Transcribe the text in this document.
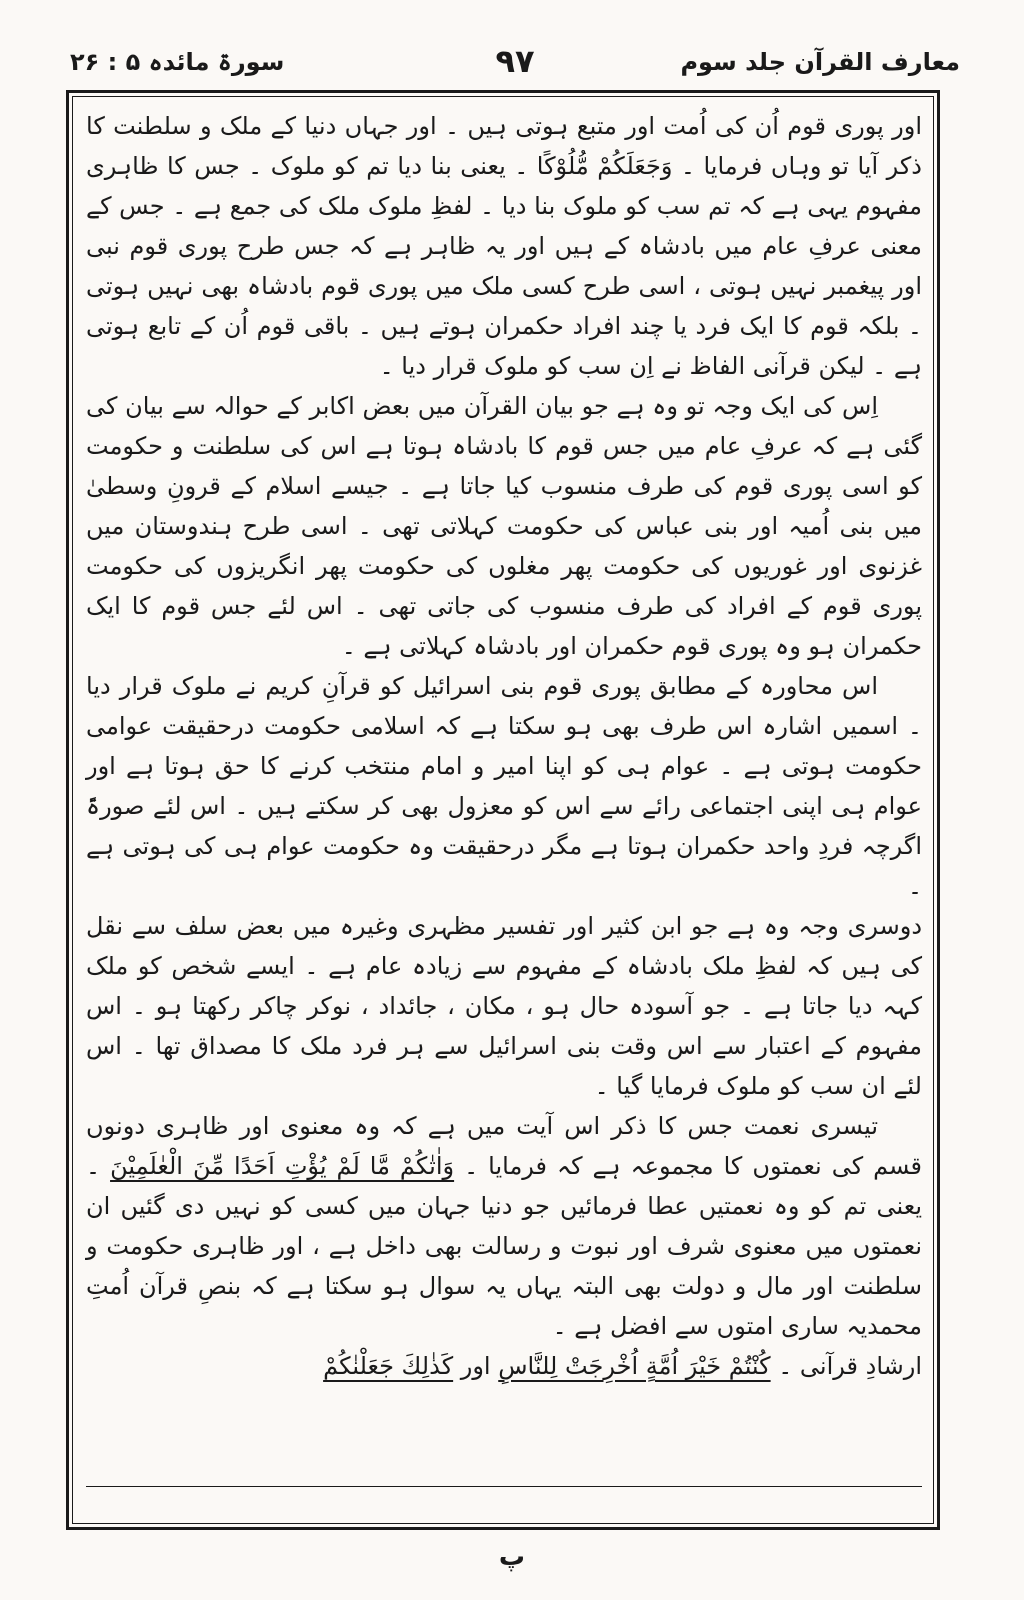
معارف القرآن جلد سوم
۹۷
سورۃ مائدہ ۵ : ۲۶

اور پوری قوم اُن کی اُمت اور متبع ہوتی ہیں ۔ اور جہاں دنیا کے ملک و سلطنت کا ذکر آیا تو وہاں فرمایا ۔ وَجَعَلَكُمْ مُّلُوْكًا ۔ یعنی بنا دیا تم کو ملوک ۔ جس کا ظاہری مفہوم یہی ہے کہ تم سب کو ملوک بنا دیا ۔ لفظِ ملوک ملک کی جمع ہے ۔ جس کے معنی عرفِ عام میں بادشاہ کے ہیں اور یہ ظاہر ہے کہ جس طرح پوری قوم نبی اور پیغمبر نہیں ہوتی ، اسی طرح کسی ملک میں پوری قوم بادشاہ بھی نہیں ہوتی ۔ بلکہ قوم کا ایک فرد یا چند افراد حکمران ہوتے ہیں ۔ باقی قوم اُن کے تابع ہوتی ہے ۔ لیکن قرآنی الفاظ نے اِن سب کو ملوک قرار دیا ۔

اِس کی ایک وجہ تو وہ ہے جو بیان القرآن میں بعض اکابر کے حوالہ سے بیان کی گئی ہے کہ عرفِ عام میں جس قوم کا بادشاہ ہوتا ہے اس کی سلطنت و حکومت کو اسی پوری قوم کی طرف منسوب کیا جاتا ہے ۔ جیسے اسلام کے قرونِ وسطیٰ میں بنی اُمیہ اور بنی عباس کی حکومت کہلاتی تھی ۔ اسی طرح ہندوستان میں غزنوی اور غوریوں کی حکومت پھر مغلوں کی حکومت پھر انگریزوں کی حکومت پوری قوم کے افراد کی طرف منسوب کی جاتی تھی ۔ اس لئے جس قوم کا ایک حکمران ہو وہ پوری قوم حکمران اور بادشاہ کہلاتی ہے ۔

اس محاورہ کے مطابق پوری قوم بنی اسرائیل کو قرآنِ کریم نے ملوک قرار دیا ۔ اسمیں اشارہ اس طرف بھی ہو سکتا ہے کہ اسلامی حکومت درحقیقت عوامی حکومت ہوتی ہے ۔ عوام ہی کو اپنا امیر و امام منتخب کرنے کا حق ہوتا ہے اور عوام ہی اپنی اجتماعی رائے سے اس کو معزول بھی کر سکتے ہیں ۔ اس لئے صورۃً اگرچہ فردِ واحد حکمران ہوتا ہے مگر درحقیقت وہ حکومت عوام ہی کی ہوتی ہے ۔

دوسری وجہ وہ ہے جو ابن کثیر اور تفسیر مظہری وغیرہ میں بعض سلف سے نقل کی ہیں کہ لفظِ ملک بادشاہ کے مفہوم سے زیادہ عام ہے ۔ ایسے شخص کو ملک کہہ دیا جاتا ہے ۔ جو آسودہ حال ہو ، مکان ، جائداد ، نوکر چاکر رکھتا ہو ۔ اس مفہوم کے اعتبار سے اس وقت بنی اسرائیل سے ہر فرد ملک کا مصداق تھا ۔ اس لئے ان سب کو ملوک فرمایا گیا ۔

تیسری نعمت جس کا ذکر اس آیت میں ہے کہ وہ معنوی اور ظاہری دونوں قسم کی نعمتوں کا مجموعہ ہے کہ فرمایا ۔ وَاٰتٰكُمْ مَّا لَمْ يُؤْتِ اَحَدًا مِّنَ الْعٰلَمِيْنَ ۔ یعنی تم کو وہ نعمتیں عطا فرمائیں جو دنیا جہان میں کسی کو نہیں دی گئیں ان نعمتوں میں معنوی شرف اور نبوت و رسالت بھی داخل ہے ، اور ظاہری حکومت و سلطنت اور مال و دولت بھی البتہ یہاں یہ سوال ہو سکتا ہے کہ بنصِ قرآن اُمتِ محمدیہ ساری امتوں سے افضل ہے ۔

ارشادِ قرآنی ۔ كُنْتُمْ خَيْرَ اُمَّةٍ اُخْرِجَتْ لِلنَّاسِ اور كَذٰلِكَ جَعَلْنٰكُمْ

پ
